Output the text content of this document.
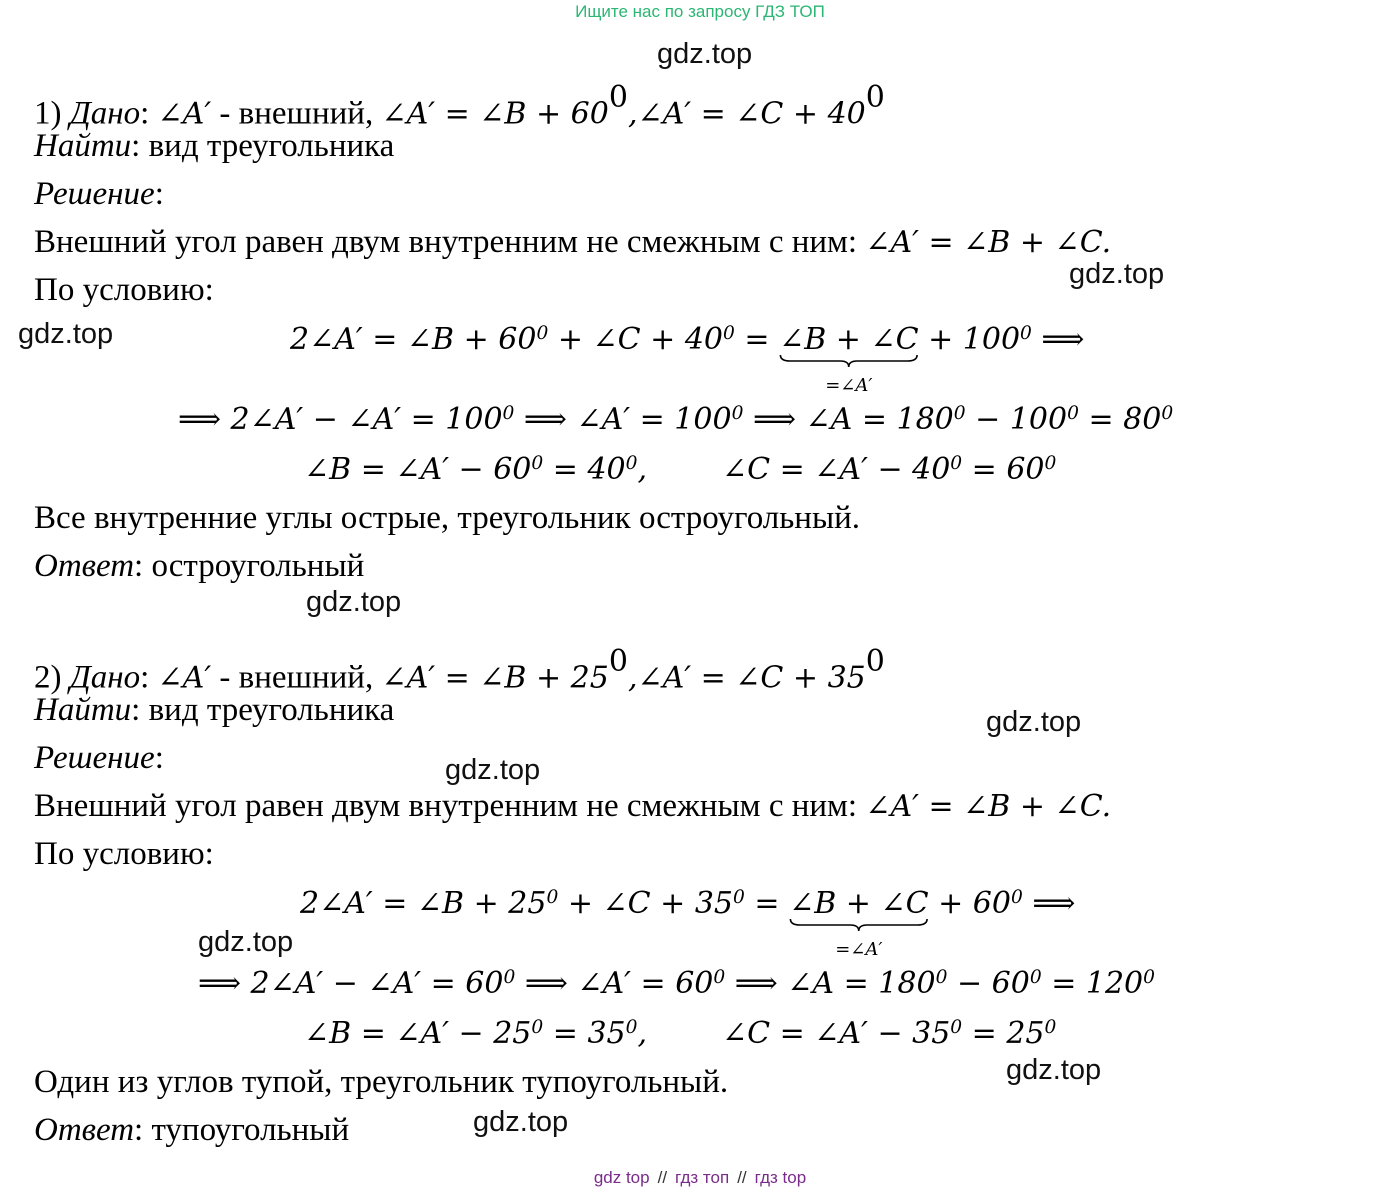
Ищите нас по запросу ГДЗ ТОП
gdz.top
gdz.top
gdz.top
gdz.top
gdz.top
gdz.top
gdz.top
gdz.top
gdz.top
1) Дано: ∠A′ - внешний, ∠A′ = ∠B + $60^0,\angle A'$ = ∠C + $40^0$
Найти: вид треугольника
Решение:
Внешний угол равен двум внутренним не смежным с ним: ∠A′ = ∠B + ∠C.
По условию:
2∠A′ = ∠B + $60^0$ + ∠C + $40^0$ = ∠B + ∠C
=∠A′
+ $100^0$ ⟹
⟹ 2∠A′ − ∠A′ = $100^0$ ⟹ ∠A′ = $100^0$ ⟹ ∠A = $180^0 - 100^0 = 80^0$
∠B = ∠A′ − $60^0 = 40^0$, ∠C = ∠A′ − $40^0 = 60^0$
Все внутренние углы острые, треугольник остроугольный.
Ответ: остроугольный
2) Дано: ∠A′ - внешний, ∠A′ = ∠B + $25^0,\angle A'$ = ∠C + $35^0$
Найти: вид треугольника
Решение:
Внешний угол равен двум внутренним не смежным с ним: ∠A′ = ∠B + ∠C.
По условию:
2∠A′ = ∠B + $25^0$ + ∠C + $35^0$ = ∠B + ∠C
=∠A′
+ $60^0$ ⟹
⟹ 2∠A′ − ∠A′ = $60^0$ ⟹ ∠A′ = $60^0$ ⟹ ∠A = $180^0 - 60^0 = 120^0$
∠B = ∠A′ − $25^0 = 35^0$, ∠C = ∠A′ − $35^0 = 25^0$
Один из углов тупой, треугольник тупоугольный.
Ответ: тупоугольный
gdz top // гдз топ // гдз top
